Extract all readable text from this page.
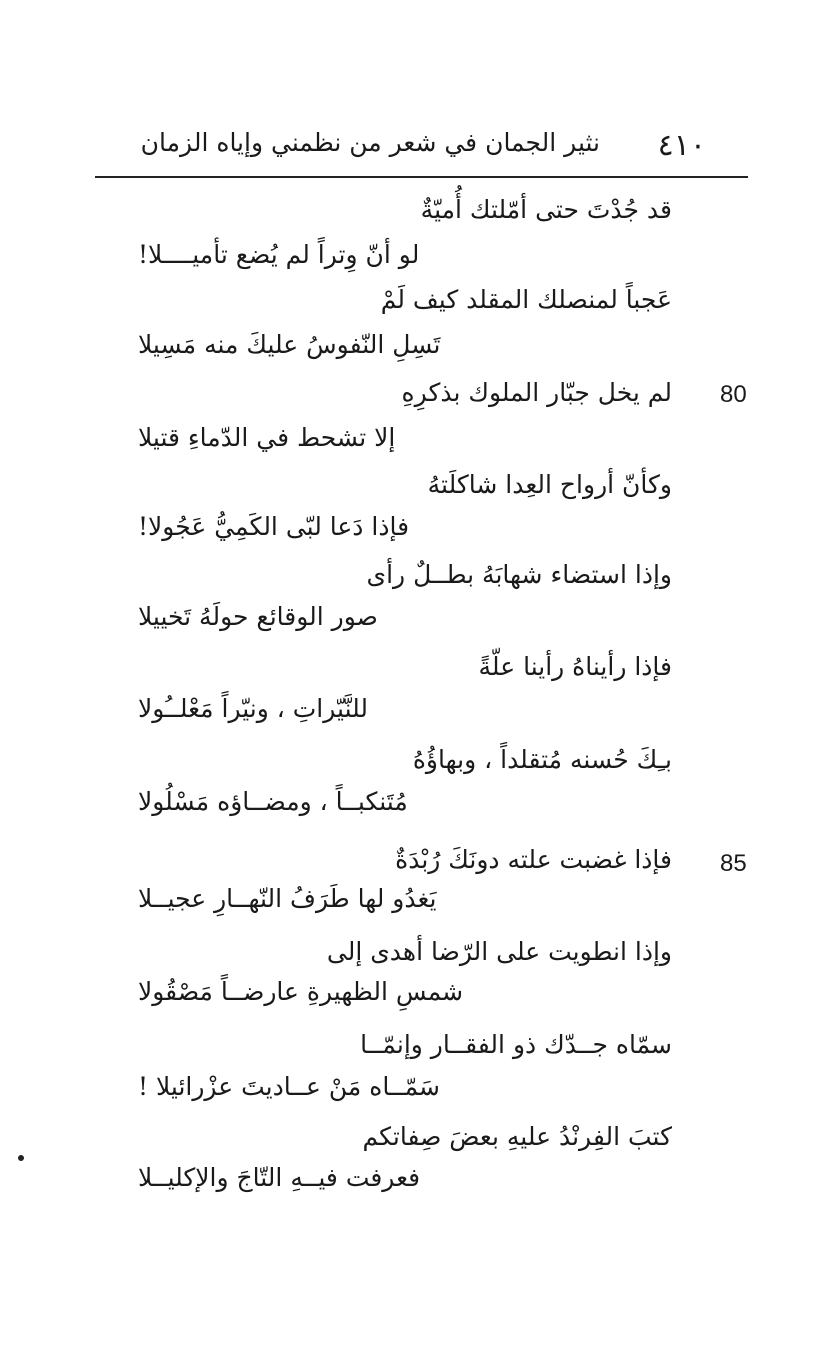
٤١٠
نثير الجمان في شعر من نظمني وإياه الزمان
قد جُدْتَ حتى أمّلتك أُميّةٌ
لو أنّ وِتراً لم يُضع تأميــــلا!
عَجباً لمنصلك المقلد كيف لَمْ
تَسِلِ النّفوسُ عليكَ منه مَسِيلا
80
لم يخل جبّار الملوك بذكرِهِ
إلا تشحط في الدّماءِ قتيلا
وكأنّ أرواح العِدا شاكلَتهُ
فإذا دَعا لبّى الكَمِيُّ عَجُولا!
وإذا استضاء شهابَهُ بطــلٌ رأى
صور الوقائع حولَهُ تَخييلا
فإذا رأيناهُ رأينا علّةً
للنَّيّراتِ ، ونيّراً مَعْلــُولا
بـِكَ حُسنه مُتقلداً ، وبهاؤُهُ
مُتَنكبــاً ، ومضــاؤه مَسْلُولا
85
فإذا غضبت علته دونَكَ رُبْدَةٌ
يَغدُو لها طَرَفُ النّهــارِ عجيــلا
وإذا انطويت على الرّضا أهدى إلى
شمسِ الظهيرةِ عارضــاً مَصْقُولا
سمّاه جــدّك ذو الفقــار وإنمّــا
سَمّــاه مَنْ عــاديتَ عزْرائيلا !
كتبَ الفِرنْدُ عليهِ بعضَ صِفاتكم
فعرفت فيــهِ التّاجَ والإكليــلا
